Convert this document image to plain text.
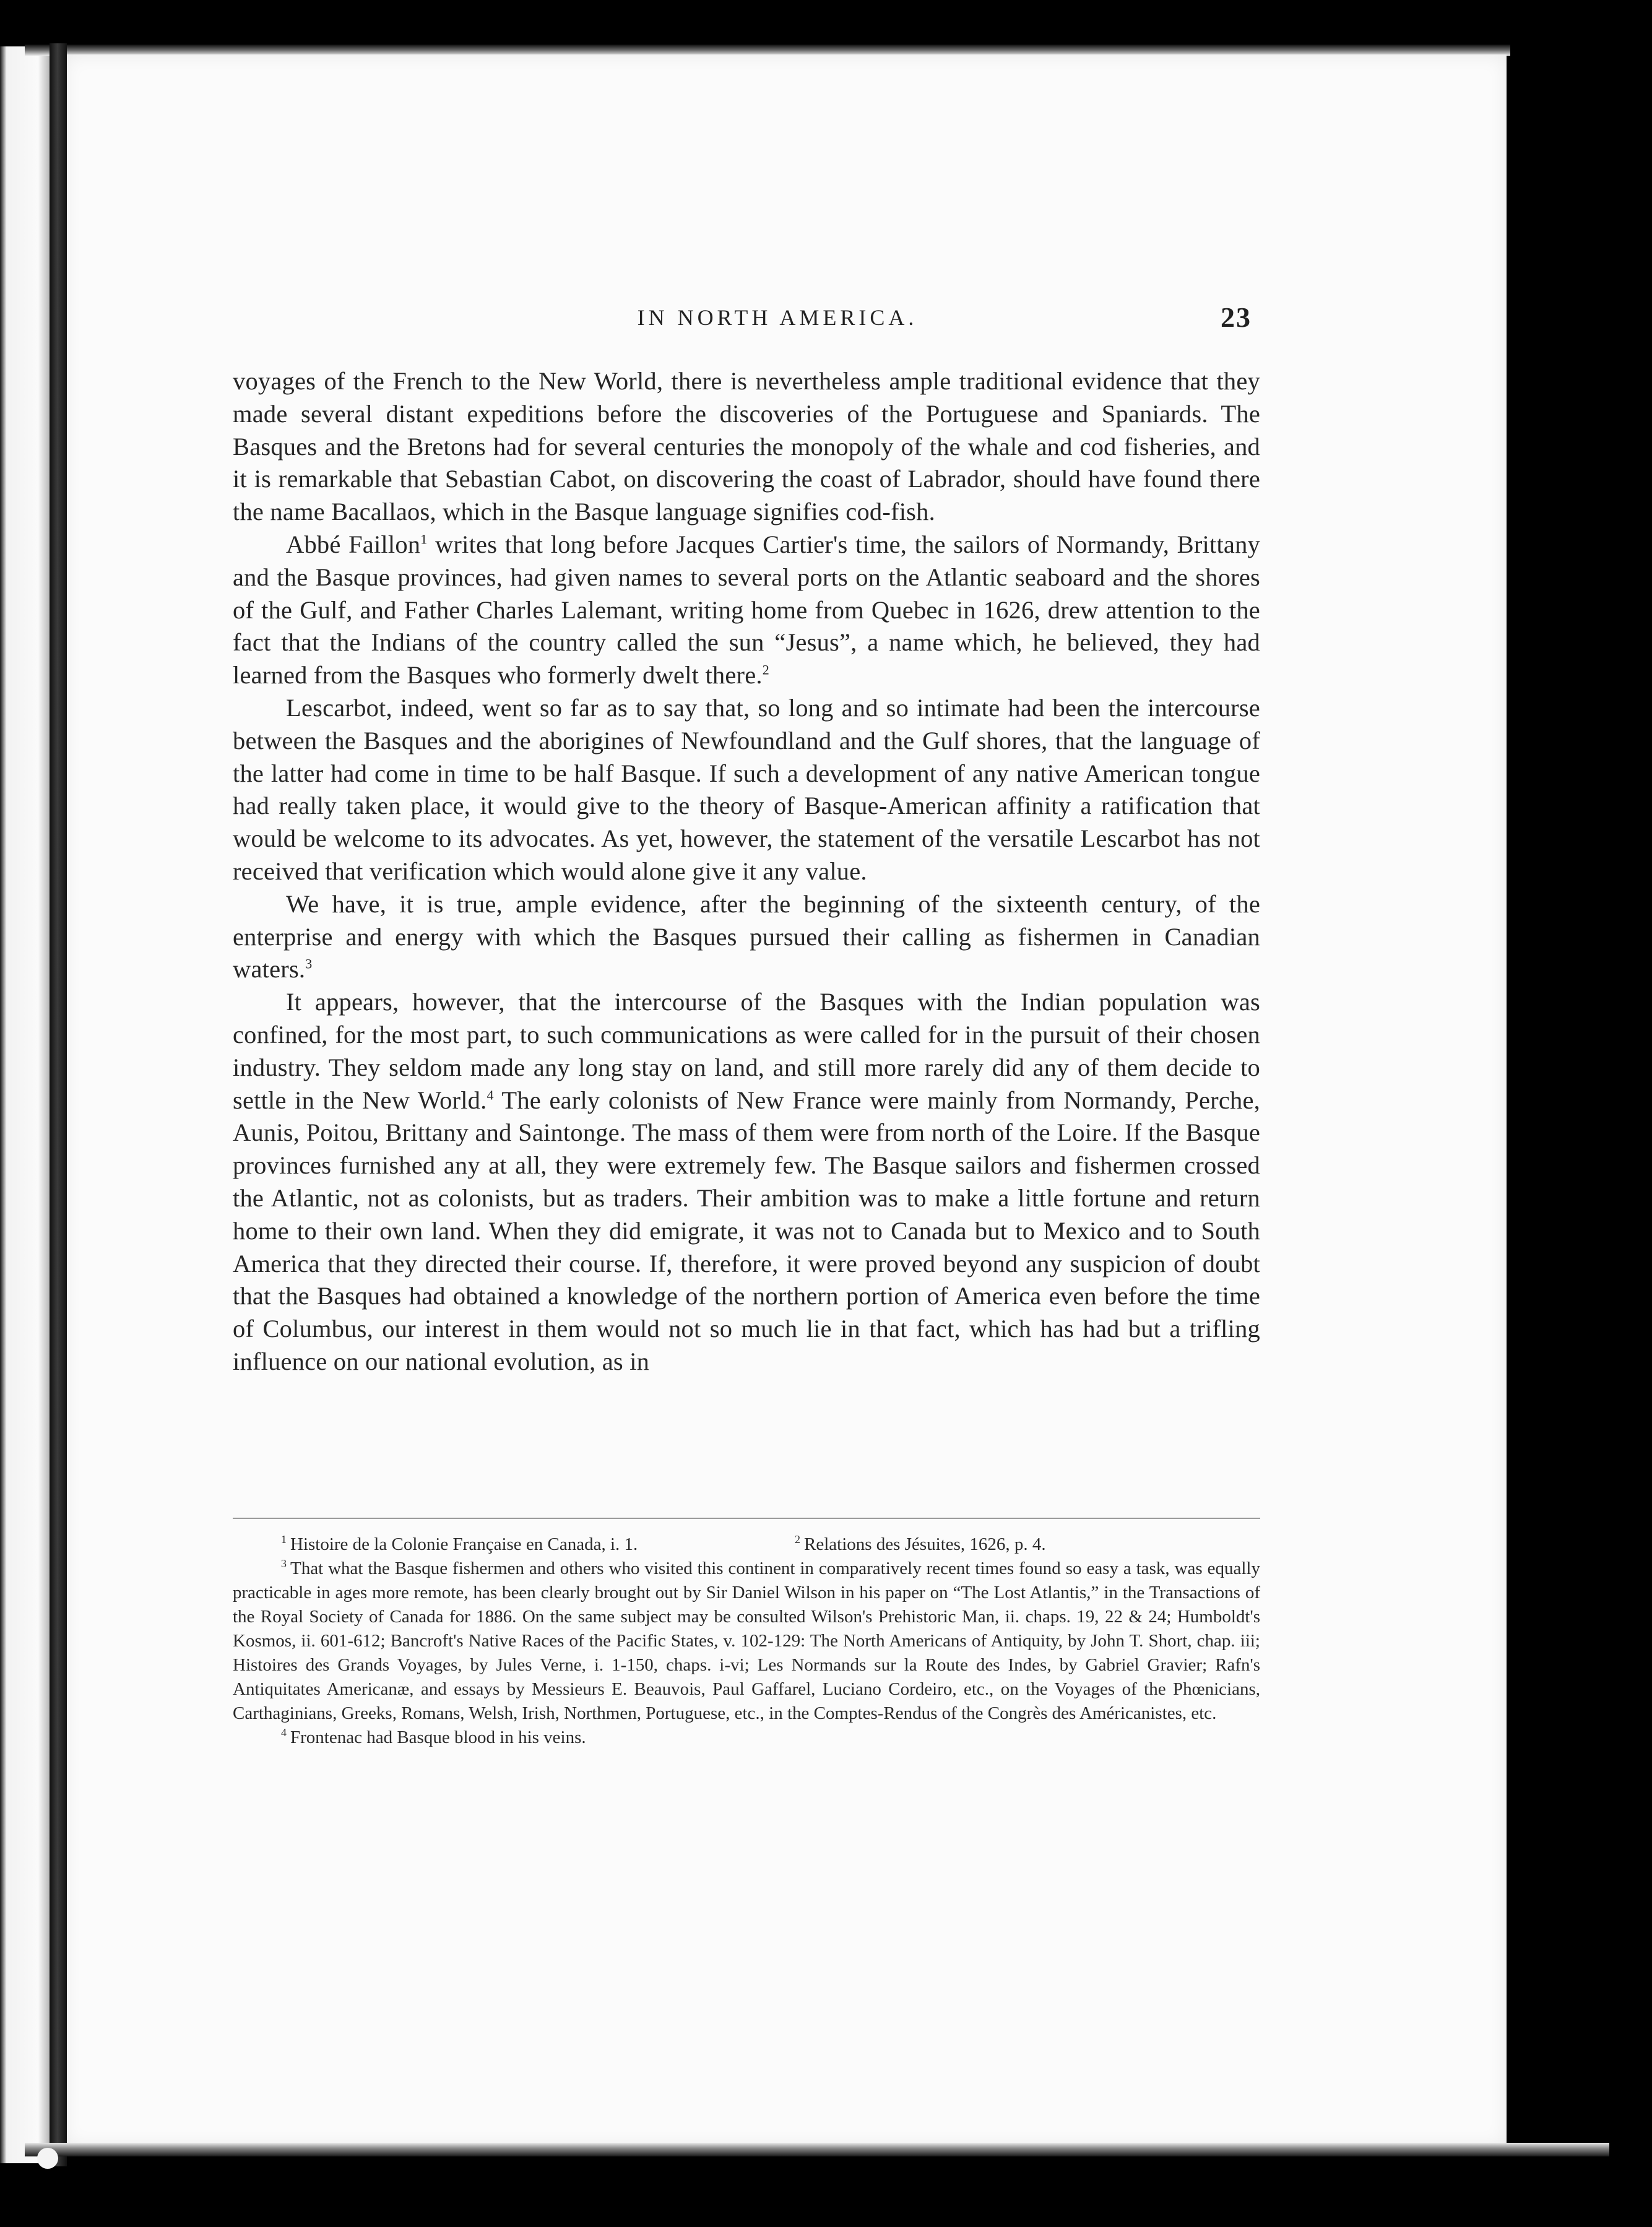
IN NORTH AMERICA.	23

voyages of the French to the New World, there is nevertheless ample traditional evidence that they made several distant expeditions before the discoveries of the Portuguese and Spaniards. The Basques and the Bretons had for several centuries the monopoly of the whale and cod fisheries, and it is remarkable that Sebastian Cabot, on discovering the coast of Labrador, should have found there the name Bacallaos, which in the Basque language signifies cod-fish.

Abbé Faillon$^1$ writes that long before Jacques Cartier's time, the sailors of Normandy, Brittany and the Basque provinces, had given names to several ports on the Atlantic seaboard and the shores of the Gulf, and Father Charles Lalemant, writing home from Quebec in 1626, drew attention to the fact that the Indians of the country called the sun “Jesus”, a name which, he believed, they had learned from the Basques who formerly dwelt there.$^2$

Lescarbot, indeed, went so far as to say that, so long and so intimate had been the intercourse between the Basques and the aborigines of Newfoundland and the Gulf shores, that the language of the latter had come in time to be half Basque. If such a development of any native American tongue had really taken place, it would give to the theory of Basque-American affinity a ratification that would be welcome to its advocates. As yet, however, the statement of the versatile Lescarbot has not received that verification which would alone give it any value.

We have, it is true, ample evidence, after the beginning of the sixteenth century, of the enterprise and energy with which the Basques pursued their calling as fishermen in Canadian waters.$^3$

It appears, however, that the intercourse of the Basques with the Indian population was confined, for the most part, to such communications as were called for in the pursuit of their chosen industry. They seldom made any long stay on land, and still more rarely did any of them decide to settle in the New World.$^4$ The early colonists of New France were mainly from Normandy, Perche, Aunis, Poitou, Brittany and Saintonge. The mass of them were from north of the Loire. If the Basque provinces furnished any at all, they were extremely few. The Basque sailors and fishermen crossed the Atlantic, not as colonists, but as traders. Their ambition was to make a little fortune and return home to their own land. When they did emigrate, it was not to Canada but to Mexico and to South America that they directed their course. If, therefore, it were proved beyond any suspicion of doubt that the Basques had obtained a knowledge of the northern portion of America even before the time of Columbus, our interest in them would not so much lie in that fact, which has had but a trifling influence on our national evolution, as in

$^1$ Histoire de la Colonie Française en Canada, i. 1.	$^2$ Relations des Jésuites, 1626, p. 4.

$^3$ That what the Basque fishermen and others who visited this continent in comparatively recent times found so easy a task, was equally practicable in ages more remote, has been clearly brought out by Sir Daniel Wilson in his paper on “The Lost Atlantis,” in the Transactions of the Royal Society of Canada for 1886. On the same subject may be consulted Wilson's Prehistoric Man, ii. chaps. 19, 22 & 24; Humboldt's Kosmos, ii. 601-612; Bancroft's Native Races of the Pacific States, v. 102-129: The North Americans of Antiquity, by John T. Short, chap. iii; Histoires des Grands Voyages, by Jules Verne, i. 1-150, chaps. i-vi; Les Normands sur la Route des Indes, by Gabriel Gravier; Rafn's Antiquitates Americanæ, and essays by Messieurs E. Beauvois, Paul Gaffarel, Luciano Cordeiro, etc., on the Voyages of the Phœnicians, Carthaginians, Greeks, Romans, Welsh, Irish, Northmen, Portuguese, etc., in the Comptes-Rendus of the Congrès des Américanistes, etc.

$^4$ Frontenac had Basque blood in his veins.
